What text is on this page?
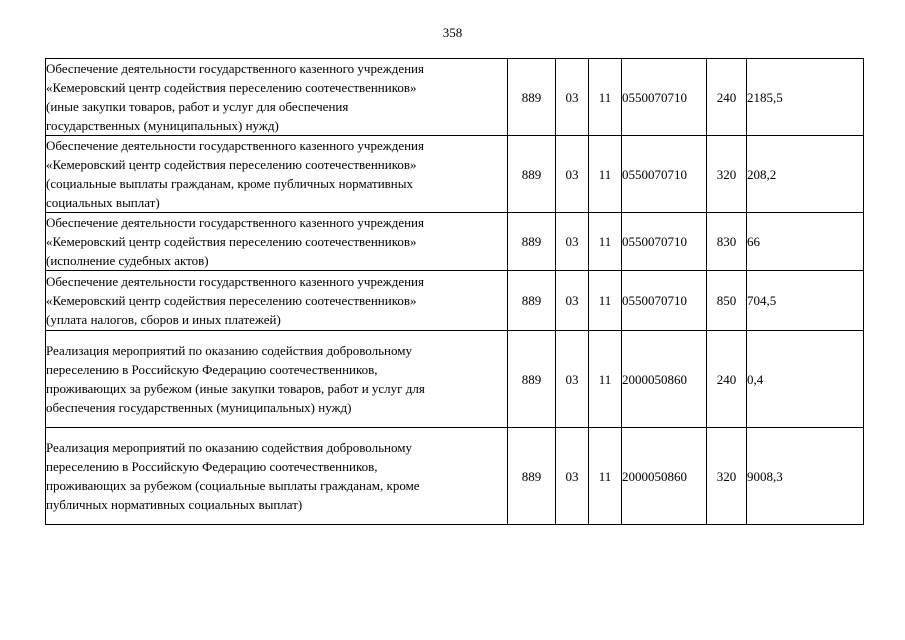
358
Обеспечение деятельности государственного казенного учреждения
«Кемеровский центр содействия переселению соотечественников»
(иные закупки товаров, работ и услуг для обеспечения
государственных (муниципальных) нужд)	889	03	11	0550070710	240	2185,5

Обеспечение деятельности государственного казенного учреждения
«Кемеровский центр содействия переселению соотечественников»
(социальные выплаты гражданам, кроме публичных нормативных
социальных выплат)	889	03	11	0550070710	320	208,2

Обеспечение деятельности государственного казенного учреждения
«Кемеровский центр содействия переселению соотечественников»
(исполнение судебных актов)	889	03	11	0550070710	830	66

Обеспечение деятельности государственного казенного учреждения
«Кемеровский центр содействия переселению соотечественников»
(уплата налогов, сборов и иных платежей)	889	03	11	0550070710	850	704,5

Реализация мероприятий по оказанию содействия добровольному
переселению в Российскую Федерацию соотечественников,
проживающих за рубежом (иные закупки товаров, работ и услуг для
обеспечения государственных (муниципальных) нужд)	889	03	11	2000050860	240	0,4

Реализация мероприятий по оказанию содействия добровольному
переселению в Российскую Федерацию соотечественников,
проживающих за рубежом (социальные выплаты гражданам, кроме
публичных нормативных социальных выплат)	889	03	11	2000050860	320	9008,3
